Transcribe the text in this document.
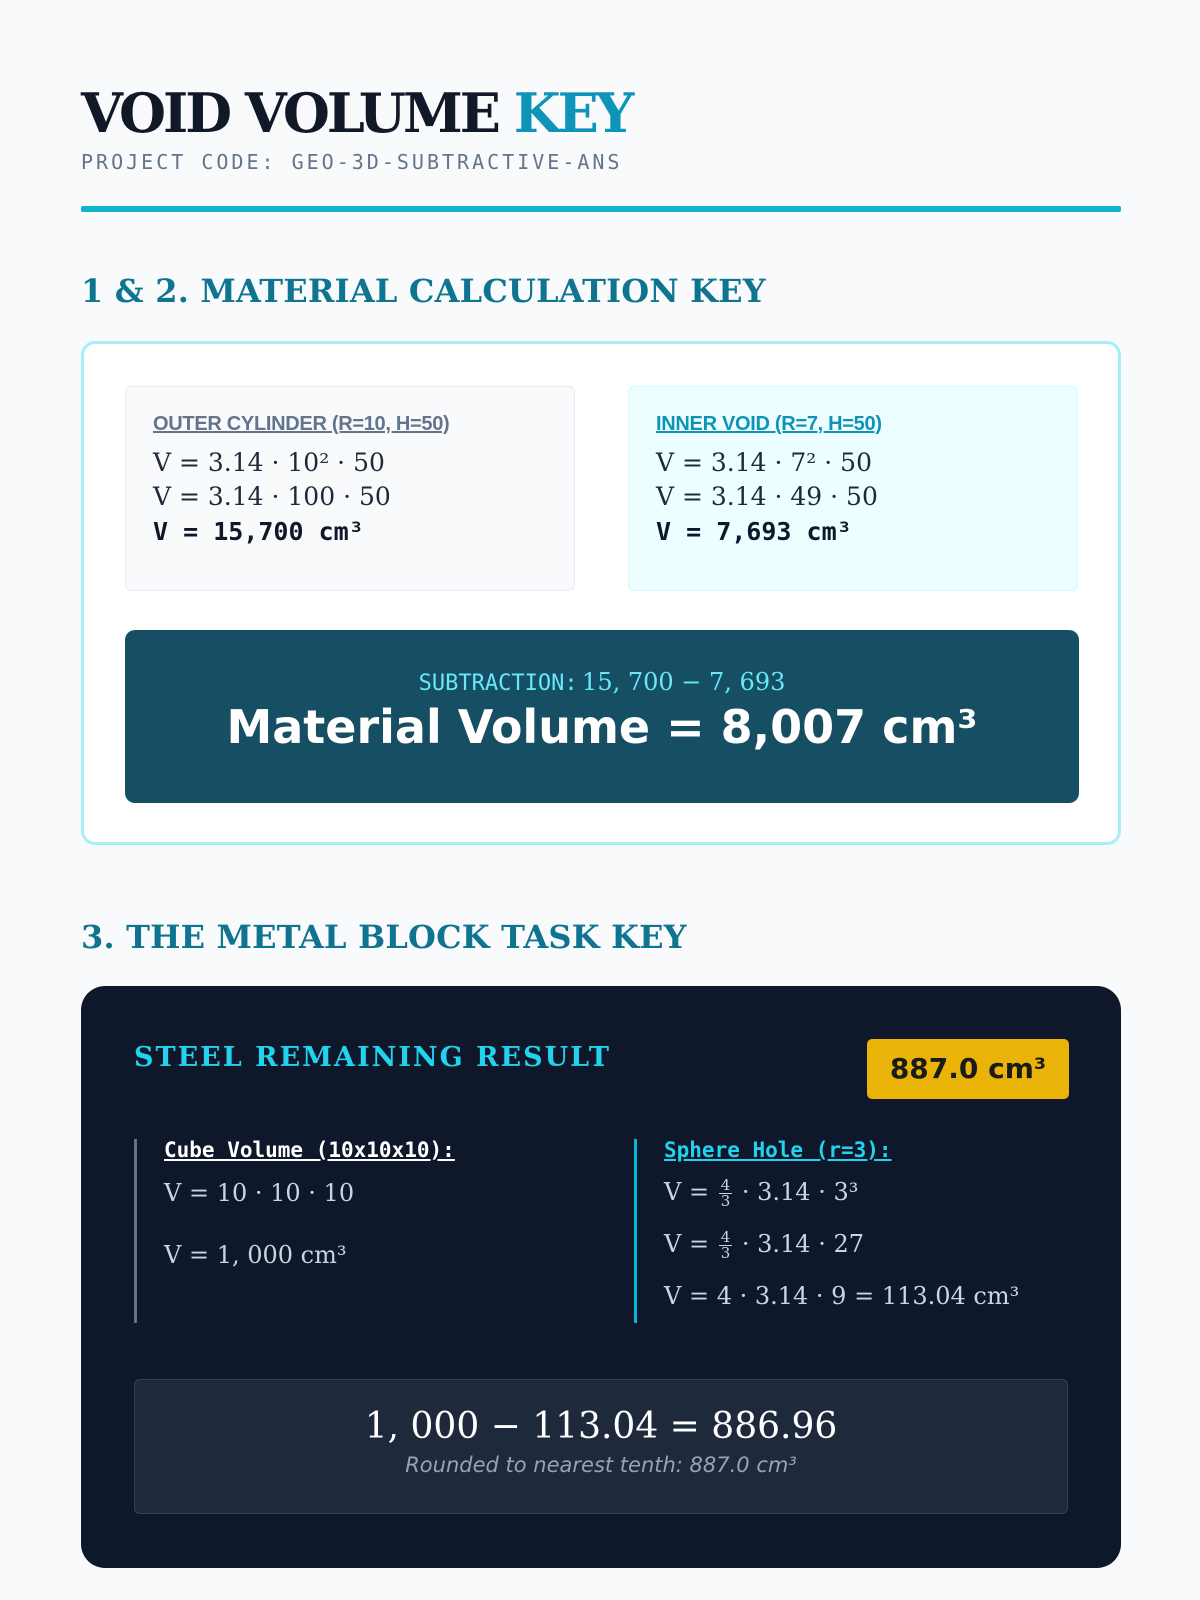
VOID VOLUME KEY
PROJECT CODE: GEO-3D-SUBTRACTIVE-ANS
1 & 2. MATERIAL CALCULATION KEY
OUTER CYLINDER (R=10, H=50)
V = 3.14 · 10² · 50
V = 3.14 · 100 · 50
V = 15,700 cm³
INNER VOID (R=7, H=50)
V = 3.14 · 7² · 50
V = 3.14 · 49 · 50
V = 7,693 cm³
SUBTRACTION: 15, 700 − 7, 693
Material Volume = 8,007 cm³
3. THE METAL BLOCK TASK KEY
STEEL REMAINING RESULT	887.0 cm³
Cube Volume (10x10x10):
V = 10 · 10 · 10
V = 1, 000 cm³
Sphere Hole (r=3):
$V = \frac{4}{3} \cdot 3.14 \cdot 3^3$
$V = \frac{4}{3} \cdot 3.14 \cdot 27$
V = 4 · 3.14 · 9 = 113.04 cm³
1, 000 − 113.04 = 886.96
Rounded to nearest tenth: 887.0 cm³
